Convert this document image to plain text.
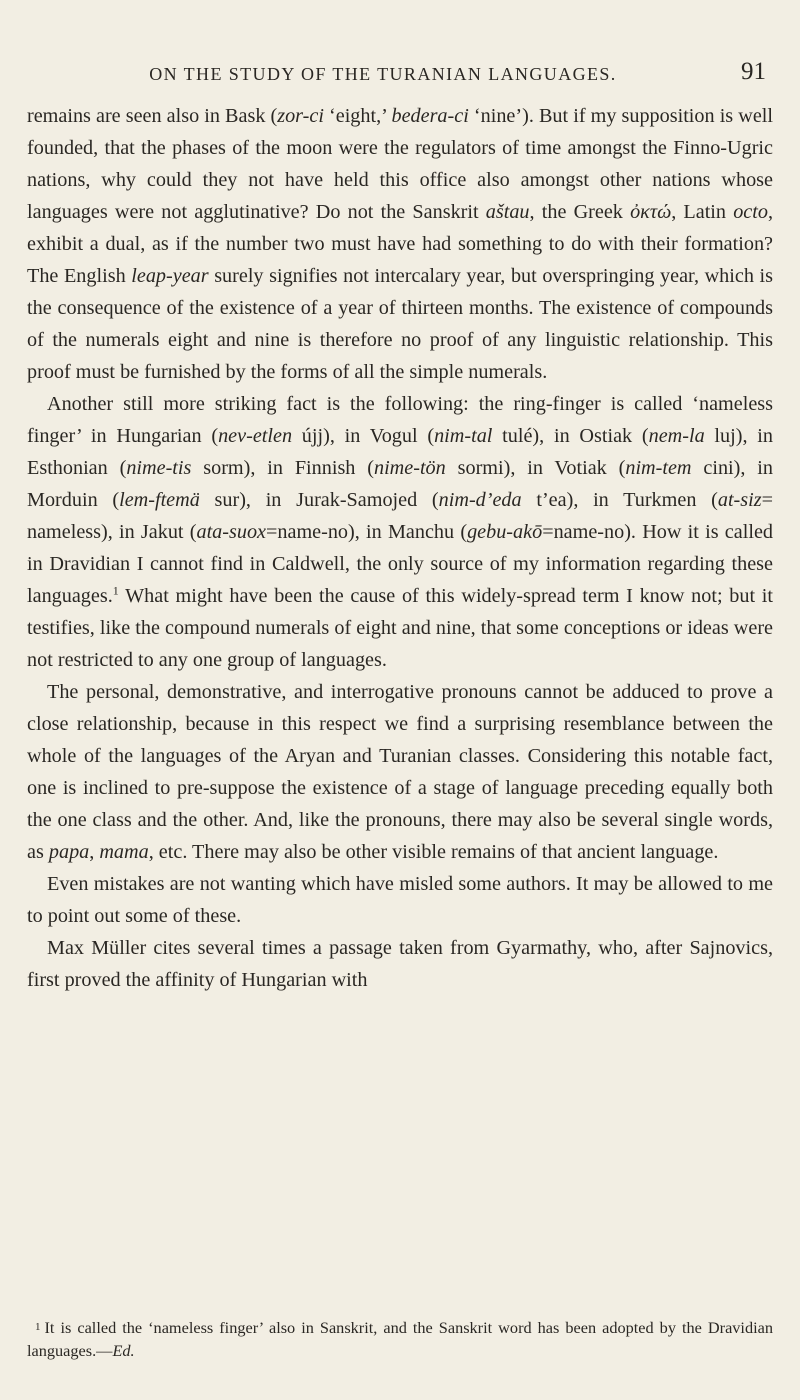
ON THE STUDY OF THE TURANIAN LANGUAGES.	91

remains are seen also in Bask (zor-ci ‘eight,’ bedera-ci ‘nine’). But if my supposition is well founded, that the phases of the moon were the regulators of time amongst the Finno-Ugric nations, why could they not have held this office also amongst other nations whose languages were not agglutinative? Do not the Sanskrit aštau, the Greek ὀκτώ, Latin octo, exhibit a dual, as if the number two must have had something to do with their formation? The English leap-year surely signifies not intercalary year, but overspringing year, which is the consequence of the existence of a year of thirteen months. The existence of compounds of the numerals eight and nine is therefore no proof of any linguistic relationship. This proof must be furnished by the forms of all the simple numerals.

Another still more striking fact is the following: the ring-finger is called ‘nameless finger’ in Hungarian (nev-etlen újj), in Vogul (nim-tal tulé), in Ostiak (nem-la luj), in Esthonian (nime-tis sorm), in Finnish (nime-tön sormi), in Votiak (nim-tem cini), in Morduin (lem-ftemä sur), in Jurak-Samojed (nim-d’eda t’ea), in Turkmen (at-siz= nameless), in Jakut (ata-suox=name-no), in Manchu (gebu-akō=name-no). How it is called in Dravidian I cannot find in Caldwell, the only source of my information regarding these languages.$^1$ What might have been the cause of this widely-spread term I know not; but it testifies, like the compound numerals of eight and nine, that some conceptions or ideas were not restricted to any one group of languages.

The personal, demonstrative, and interrogative pronouns cannot be adduced to prove a close relationship, because in this respect we find a surprising resemblance between the whole of the languages of the Aryan and Turanian classes. Considering this notable fact, one is inclined to pre-suppose the existence of a stage of language preceding equally both the one class and the other. And, like the pronouns, there may also be several single words, as papa, mama, etc. There may also be other visible remains of that ancient language.

Even mistakes are not wanting which have misled some authors. It may be allowed to me to point out some of these.

Max Müller cites several times a passage taken from Gyarmathy, who, after Sajnovics, first proved the affinity of Hungarian with

$^1$ It is called the ‘nameless finger’ also in Sanskrit, and the Sanskrit word has been adopted by the Dravidian languages.—Ed.
